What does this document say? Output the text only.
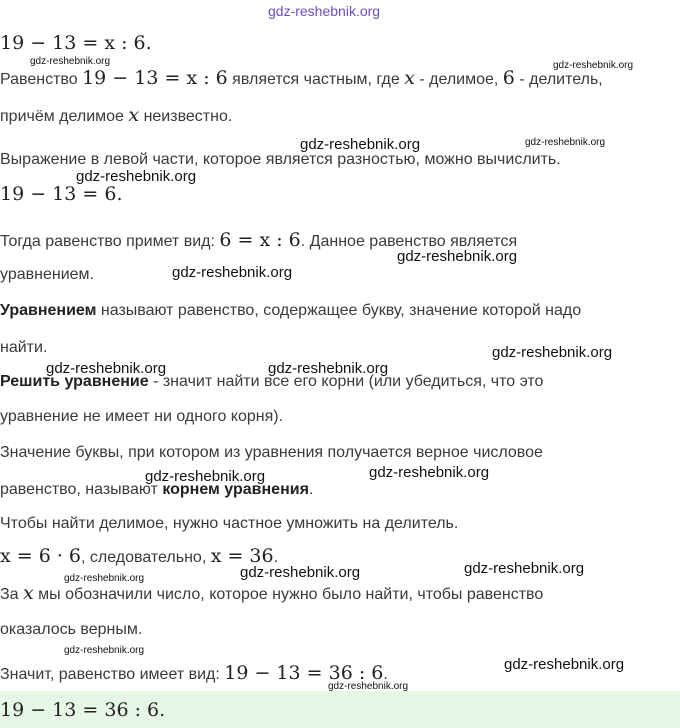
19 − 13 = x : 6.
Равенство 19 − 13 = x : 6 является частным, где x - делимое, 6 - делитель,
причём делимое x неизвестно.
Выражение в левой части, которое является разностью, можно вычислить.
19 − 13 = 6.
Тогда равенство примет вид: 6 = x : 6. Данное равенство является
уравнением.
Уравнением называют равенство, содержащее букву, значение которой надо
найти.
Решить уравнение - значит найти все его корни (или убедиться, что это
уравнение не имеет ни одного корня).
Значение буквы, при котором из уравнения получается верное числовое
равенство, называют корнем уравнения.
Чтобы найти делимое, нужно частное умножить на делитель.
x = 6 · 6, следовательно, x = 36.
За x мы обозначили число, которое нужно было найти, чтобы равенство
оказалось верным.
Значит, равенство имеет вид: 19 − 13 = 36 : 6.
19 − 13 = 36 : 6.
gdz-reshebnik.org
gdz-reshebnik.org	gdz-reshebnik.org
gdz-reshebnik.org	gdz-reshebnik.org
gdz-reshebnik.org
gdz-reshebnik.org
gdz-reshebnik.org
gdz-reshebnik.org
gdz-reshebnik.org	gdz-reshebnik.org
gdz-reshebnik.org
gdz-reshebnik.org
gdz-reshebnik.org
gdz-reshebnik.org
gdz-reshebnik.org
gdz-reshebnik.org
gdz-reshebnik.org
gdz-reshebnik.org
